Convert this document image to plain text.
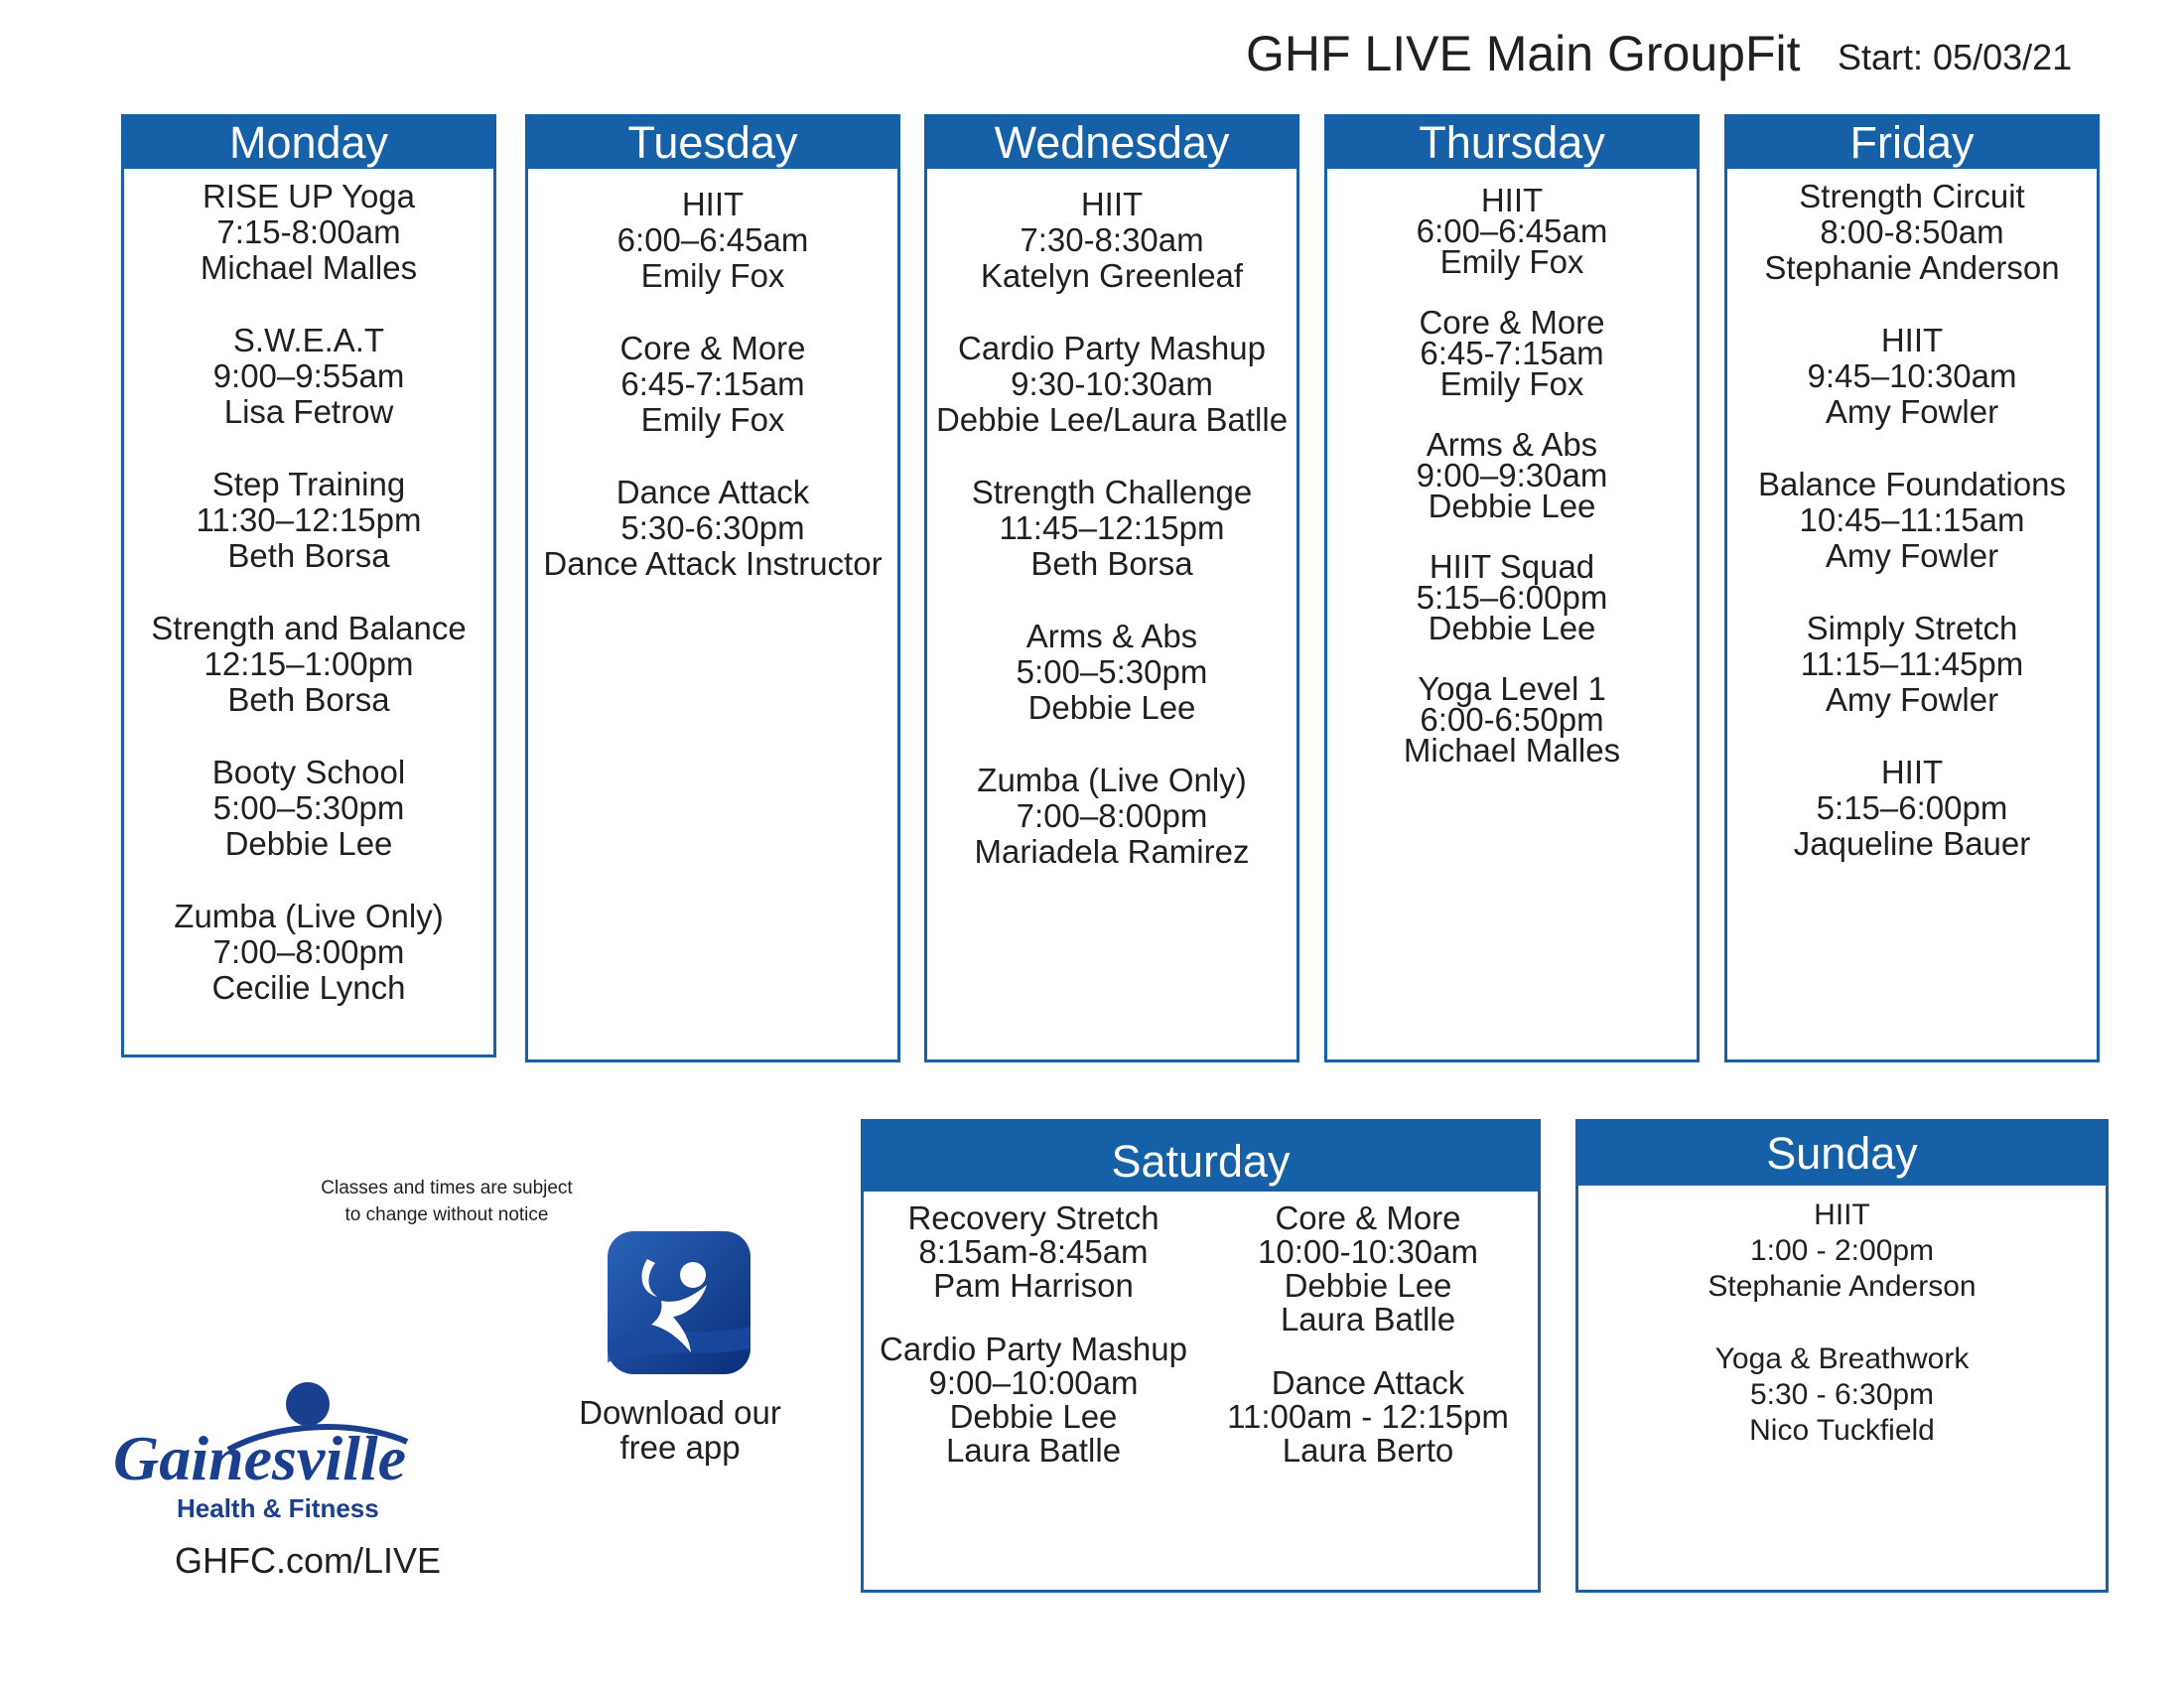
GHF LIVE Main GroupFit Start: 05/03/21
Monday
RISE UP Yoga
7:15-8:00am
Michael Malles
S.W.E.A.T
9:00–9:55am
Lisa Fetrow
Step Training
11:30–12:15pm
Beth Borsa
Strength and Balance
12:15–1:00pm
Beth Borsa
Booty School
5:00–5:30pm
Debbie Lee
Zumba (Live Only)
7:00–8:00pm
Cecilie Lynch
Tuesday
HIIT
6:00–6:45am
Emily Fox
Core & More
6:45-7:15am
Emily Fox
Dance Attack
5:30-6:30pm
Dance Attack Instructor
Wednesday
HIIT
7:30-8:30am
Katelyn Greenleaf
Cardio Party Mashup
9:30-10:30am
Debbie Lee/Laura Batlle
Strength Challenge
11:45–12:15pm
Beth Borsa
Arms & Abs
5:00–5:30pm
Debbie Lee
Zumba (Live Only)
7:00–8:00pm
Mariadela Ramirez
Thursday
HIIT
6:00–6:45am
Emily Fox
Core & More
6:45-7:15am
Emily Fox
Arms & Abs
9:00–9:30am
Debbie Lee
HIIT Squad
5:15–6:00pm
Debbie Lee
Yoga Level 1
6:00-6:50pm
Michael Malles
Friday
Strength Circuit
8:00-8:50am
Stephanie Anderson
HIIT
9:45–10:30am
Amy Fowler
Balance Foundations
10:45–11:15am
Amy Fowler
Simply Stretch
11:15–11:45pm
Amy Fowler
HIIT
5:15–6:00pm
Jaqueline Bauer
Saturday
Recovery Stretch
8:15am-8:45am
Pam Harrison
Cardio Party Mashup
9:00–10:00am
Debbie Lee
Laura Batlle
Core & More
10:00-10:30am
Debbie Lee
Laura Batlle
Dance Attack
11:00am - 12:15pm
Laura Berto
Sunday
HIIT
1:00 - 2:00pm
Stephanie Anderson
Yoga & Breathwork
5:30 - 6:30pm
Nico Tuckfield
Classes and times are subject
to change without notice
Download our
free app
Gainesville
Health & Fitness
GHFC.com/LIVE
